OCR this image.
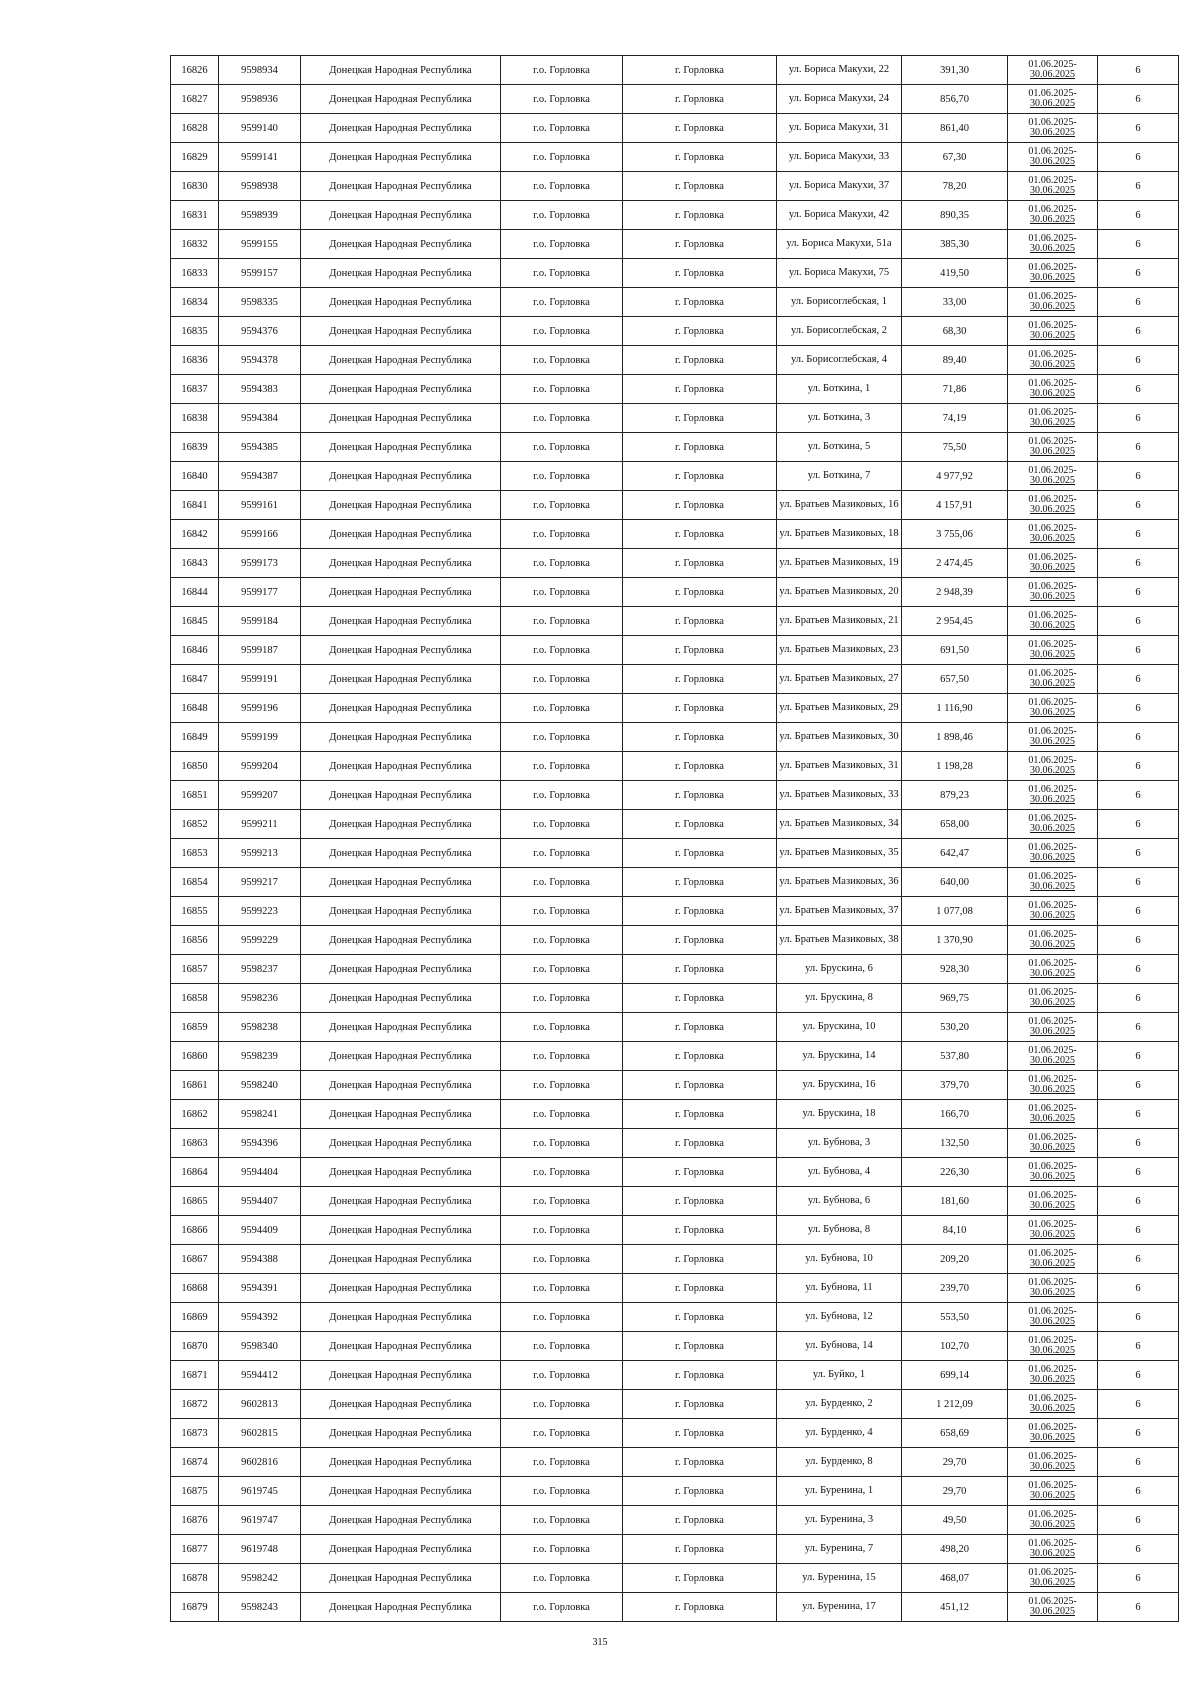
16826	9598934	Донецкая Народная Республика	г.о. Горловка	г. Горловка	ул. Бориса Макухи, 22	391,30	01.06.2025-
30.06.2025	6
16827	9598936	Донецкая Народная Республика	г.о. Горловка	г. Горловка	ул. Бориса Макухи, 24	856,70	01.06.2025-
30.06.2025	6
16828	9599140	Донецкая Народная Республика	г.о. Горловка	г. Горловка	ул. Бориса Макухи, 31	861,40	01.06.2025-
30.06.2025	6
16829	9599141	Донецкая Народная Республика	г.о. Горловка	г. Горловка	ул. Бориса Макухи, 33	67,30	01.06.2025-
30.06.2025	6
16830	9598938	Донецкая Народная Республика	г.о. Горловка	г. Горловка	ул. Бориса Макухи, 37	78,20	01.06.2025-
30.06.2025	6
16831	9598939	Донецкая Народная Республика	г.о. Горловка	г. Горловка	ул. Бориса Макухи, 42	890,35	01.06.2025-
30.06.2025	6
16832	9599155	Донецкая Народная Республика	г.о. Горловка	г. Горловка	ул. Бориса Макухи, 51а	385,30	01.06.2025-
30.06.2025	6
16833	9599157	Донецкая Народная Республика	г.о. Горловка	г. Горловка	ул. Бориса Макухи, 75	419,50	01.06.2025-
30.06.2025	6
16834	9598335	Донецкая Народная Республика	г.о. Горловка	г. Горловка	ул. Борисоглебская, 1	33,00	01.06.2025-
30.06.2025	6
16835	9594376	Донецкая Народная Республика	г.о. Горловка	г. Горловка	ул. Борисоглебская, 2	68,30	01.06.2025-
30.06.2025	6
16836	9594378	Донецкая Народная Республика	г.о. Горловка	г. Горловка	ул. Борисоглебская, 4	89,40	01.06.2025-
30.06.2025	6
16837	9594383	Донецкая Народная Республика	г.о. Горловка	г. Горловка	ул. Боткина, 1	71,86	01.06.2025-
30.06.2025	6
16838	9594384	Донецкая Народная Республика	г.о. Горловка	г. Горловка	ул. Боткина, 3	74,19	01.06.2025-
30.06.2025	6
16839	9594385	Донецкая Народная Республика	г.о. Горловка	г. Горловка	ул. Боткина, 5	75,50	01.06.2025-
30.06.2025	6
16840	9594387	Донецкая Народная Республика	г.о. Горловка	г. Горловка	ул. Боткина, 7	4 977,92	01.06.2025-
30.06.2025	6
16841	9599161	Донецкая Народная Республика	г.о. Горловка	г. Горловка	ул. Братьев Мазиковых, 16	4 157,91	01.06.2025-
30.06.2025	6
16842	9599166	Донецкая Народная Республика	г.о. Горловка	г. Горловка	ул. Братьев Мазиковых, 18	3 755,06	01.06.2025-
30.06.2025	6
16843	9599173	Донецкая Народная Республика	г.о. Горловка	г. Горловка	ул. Братьев Мазиковых, 19	2 474,45	01.06.2025-
30.06.2025	6
16844	9599177	Донецкая Народная Республика	г.о. Горловка	г. Горловка	ул. Братьев Мазиковых, 20	2 948,39	01.06.2025-
30.06.2025	6
16845	9599184	Донецкая Народная Республика	г.о. Горловка	г. Горловка	ул. Братьев Мазиковых, 21	2 954,45	01.06.2025-
30.06.2025	6
16846	9599187	Донецкая Народная Республика	г.о. Горловка	г. Горловка	ул. Братьев Мазиковых, 23	691,50	01.06.2025-
30.06.2025	6
16847	9599191	Донецкая Народная Республика	г.о. Горловка	г. Горловка	ул. Братьев Мазиковых, 27	657,50	01.06.2025-
30.06.2025	6
16848	9599196	Донецкая Народная Республика	г.о. Горловка	г. Горловка	ул. Братьев Мазиковых, 29	1 116,90	01.06.2025-
30.06.2025	6
16849	9599199	Донецкая Народная Республика	г.о. Горловка	г. Горловка	ул. Братьев Мазиковых, 30	1 898,46	01.06.2025-
30.06.2025	6
16850	9599204	Донецкая Народная Республика	г.о. Горловка	г. Горловка	ул. Братьев Мазиковых, 31	1 198,28	01.06.2025-
30.06.2025	6
16851	9599207	Донецкая Народная Республика	г.о. Горловка	г. Горловка	ул. Братьев Мазиковых, 33	879,23	01.06.2025-
30.06.2025	6
16852	9599211	Донецкая Народная Республика	г.о. Горловка	г. Горловка	ул. Братьев Мазиковых, 34	658,00	01.06.2025-
30.06.2025	6
16853	9599213	Донецкая Народная Республика	г.о. Горловка	г. Горловка	ул. Братьев Мазиковых, 35	642,47	01.06.2025-
30.06.2025	6
16854	9599217	Донецкая Народная Республика	г.о. Горловка	г. Горловка	ул. Братьев Мазиковых, 36	640,00	01.06.2025-
30.06.2025	6
16855	9599223	Донецкая Народная Республика	г.о. Горловка	г. Горловка	ул. Братьев Мазиковых, 37	1 077,08	01.06.2025-
30.06.2025	6
16856	9599229	Донецкая Народная Республика	г.о. Горловка	г. Горловка	ул. Братьев Мазиковых, 38	1 370,90	01.06.2025-
30.06.2025	6
16857	9598237	Донецкая Народная Республика	г.о. Горловка	г. Горловка	ул. Брускина, 6	928,30	01.06.2025-
30.06.2025	6
16858	9598236	Донецкая Народная Республика	г.о. Горловка	г. Горловка	ул. Брускина, 8	969,75	01.06.2025-
30.06.2025	6
16859	9598238	Донецкая Народная Республика	г.о. Горловка	г. Горловка	ул. Брускина, 10	530,20	01.06.2025-
30.06.2025	6
16860	9598239	Донецкая Народная Республика	г.о. Горловка	г. Горловка	ул. Брускина, 14	537,80	01.06.2025-
30.06.2025	6
16861	9598240	Донецкая Народная Республика	г.о. Горловка	г. Горловка	ул. Брускина, 16	379,70	01.06.2025-
30.06.2025	6
16862	9598241	Донецкая Народная Республика	г.о. Горловка	г. Горловка	ул. Брускина, 18	166,70	01.06.2025-
30.06.2025	6
16863	9594396	Донецкая Народная Республика	г.о. Горловка	г. Горловка	ул. Бубнова, 3	132,50	01.06.2025-
30.06.2025	6
16864	9594404	Донецкая Народная Республика	г.о. Горловка	г. Горловка	ул. Бубнова, 4	226,30	01.06.2025-
30.06.2025	6
16865	9594407	Донецкая Народная Республика	г.о. Горловка	г. Горловка	ул. Бубнова, 6	181,60	01.06.2025-
30.06.2025	6
16866	9594409	Донецкая Народная Республика	г.о. Горловка	г. Горловка	ул. Бубнова, 8	84,10	01.06.2025-
30.06.2025	6
16867	9594388	Донецкая Народная Республика	г.о. Горловка	г. Горловка	ул. Бубнова, 10	209,20	01.06.2025-
30.06.2025	6
16868	9594391	Донецкая Народная Республика	г.о. Горловка	г. Горловка	ул. Бубнова, 11	239,70	01.06.2025-
30.06.2025	6
16869	9594392	Донецкая Народная Республика	г.о. Горловка	г. Горловка	ул. Бубнова, 12	553,50	01.06.2025-
30.06.2025	6
16870	9598340	Донецкая Народная Республика	г.о. Горловка	г. Горловка	ул. Бубнова, 14	102,70	01.06.2025-
30.06.2025	6
16871	9594412	Донецкая Народная Республика	г.о. Горловка	г. Горловка	ул. Буйко, 1	699,14	01.06.2025-
30.06.2025	6
16872	9602813	Донецкая Народная Республика	г.о. Горловка	г. Горловка	ул. Бурденко, 2	1 212,09	01.06.2025-
30.06.2025	6
16873	9602815	Донецкая Народная Республика	г.о. Горловка	г. Горловка	ул. Бурденко, 4	658,69	01.06.2025-
30.06.2025	6
16874	9602816	Донецкая Народная Республика	г.о. Горловка	г. Горловка	ул. Бурденко, 8	29,70	01.06.2025-
30.06.2025	6
16875	9619745	Донецкая Народная Республика	г.о. Горловка	г. Горловка	ул. Буренина, 1	29,70	01.06.2025-
30.06.2025	6
16876	9619747	Донецкая Народная Республика	г.о. Горловка	г. Горловка	ул. Буренина, 3	49,50	01.06.2025-
30.06.2025	6
16877	9619748	Донецкая Народная Республика	г.о. Горловка	г. Горловка	ул. Буренина, 7	498,20	01.06.2025-
30.06.2025	6
16878	9598242	Донецкая Народная Республика	г.о. Горловка	г. Горловка	ул. Буренина, 15	468,07	01.06.2025-
30.06.2025	6
16879	9598243	Донецкая Народная Республика	г.о. Горловка	г. Горловка	ул. Буренина, 17	451,12	01.06.2025-
30.06.2025	6
315
